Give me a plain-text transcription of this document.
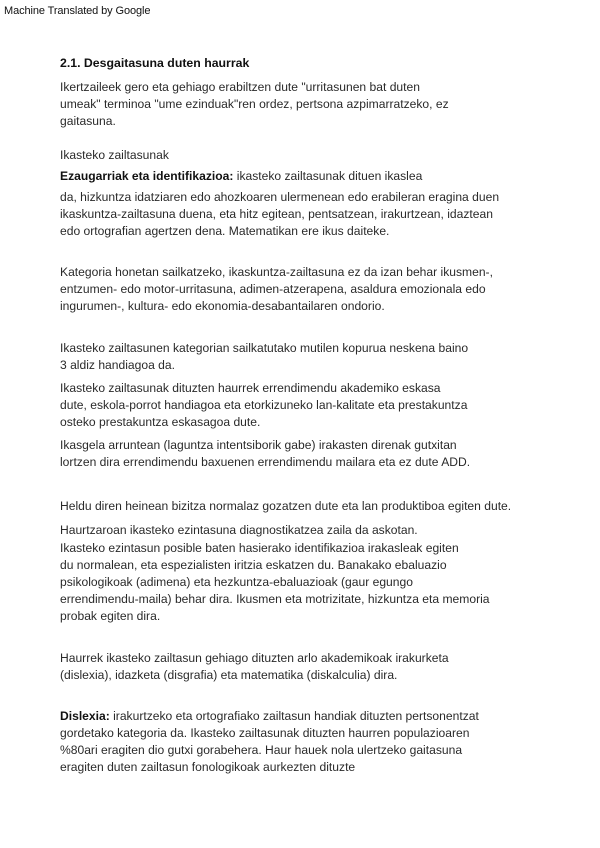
Machine Translated by Google
2.1. Desgaitasuna duten haurrak
Ikertzaileek gero eta gehiago erabiltzen dute "urritasunen bat duten
umeak" terminoa "ume ezinduak"ren ordez, pertsona azpimarratzeko, ez
gaitasuna.
Ikasteko zailtasunak
Ezaugarriak eta identifikazioa: ikasteko zailtasunak dituen ikaslea
da, hizkuntza idatziaren edo ahozkoaren ulermenean edo erabileran eragina duen
ikaskuntza-zailtasuna duena, eta hitz egitean, pentsatzean, irakurtzean, idaztean
edo ortografian agertzen dena. Matematikan ere ikus daiteke.
Kategoria honetan sailkatzeko, ikaskuntza-zailtasuna ez da izan behar ikusmen-,
entzumen- edo motor-urritasuna, adimen-atzerapena, asaldura emozionala edo
ingurumen-, kultura- edo ekonomia-desabantailaren ondorio.
Ikasteko zailtasunen kategorian sailkatutako mutilen kopurua neskena baino
3 aldiz handiagoa da.
Ikasteko zailtasunak dituzten haurrek errendimendu akademiko eskasa
dute, eskola-porrot handiagoa eta etorkizuneko lan-kalitate eta prestakuntza
osteko prestakuntza eskasagoa dute.
Ikasgela arruntean (laguntza intentsiborik gabe) irakasten direnak gutxitan
lortzen dira errendimendu baxuenen errendimendu mailara eta ez dute ADD.
Heldu diren heinean bizitza normalaz gozatzen dute eta lan produktiboa egiten dute.
Haurtzaroan ikasteko ezintasuna diagnostikatzea zaila da askotan.
Ikasteko ezintasun posible baten hasierako identifikazioa irakasleak egiten
du normalean, eta espezialisten iritzia eskatzen du. Banakako ebaluazio
psikologikoak (adimena) eta hezkuntza-ebaluazioak (gaur egungo
errendimendu-maila) behar dira. Ikusmen eta motrizitate, hizkuntza eta memoria
probak egiten dira.
Haurrek ikasteko zailtasun gehiago dituzten arlo akademikoak irakurketa
(dislexia), idazketa (disgrafia) eta matematika (diskalculia) dira.
Dislexia: irakurtzeko eta ortografiako zailtasun handiak dituzten pertsonentzat
gordetako kategoria da. Ikasteko zailtasunak dituzten haurren populazioaren
%80ari eragiten dio gutxi gorabehera. Haur hauek nola ulertzeko gaitasuna
eragiten duten zailtasun fonologikoak aurkezten dituzte
